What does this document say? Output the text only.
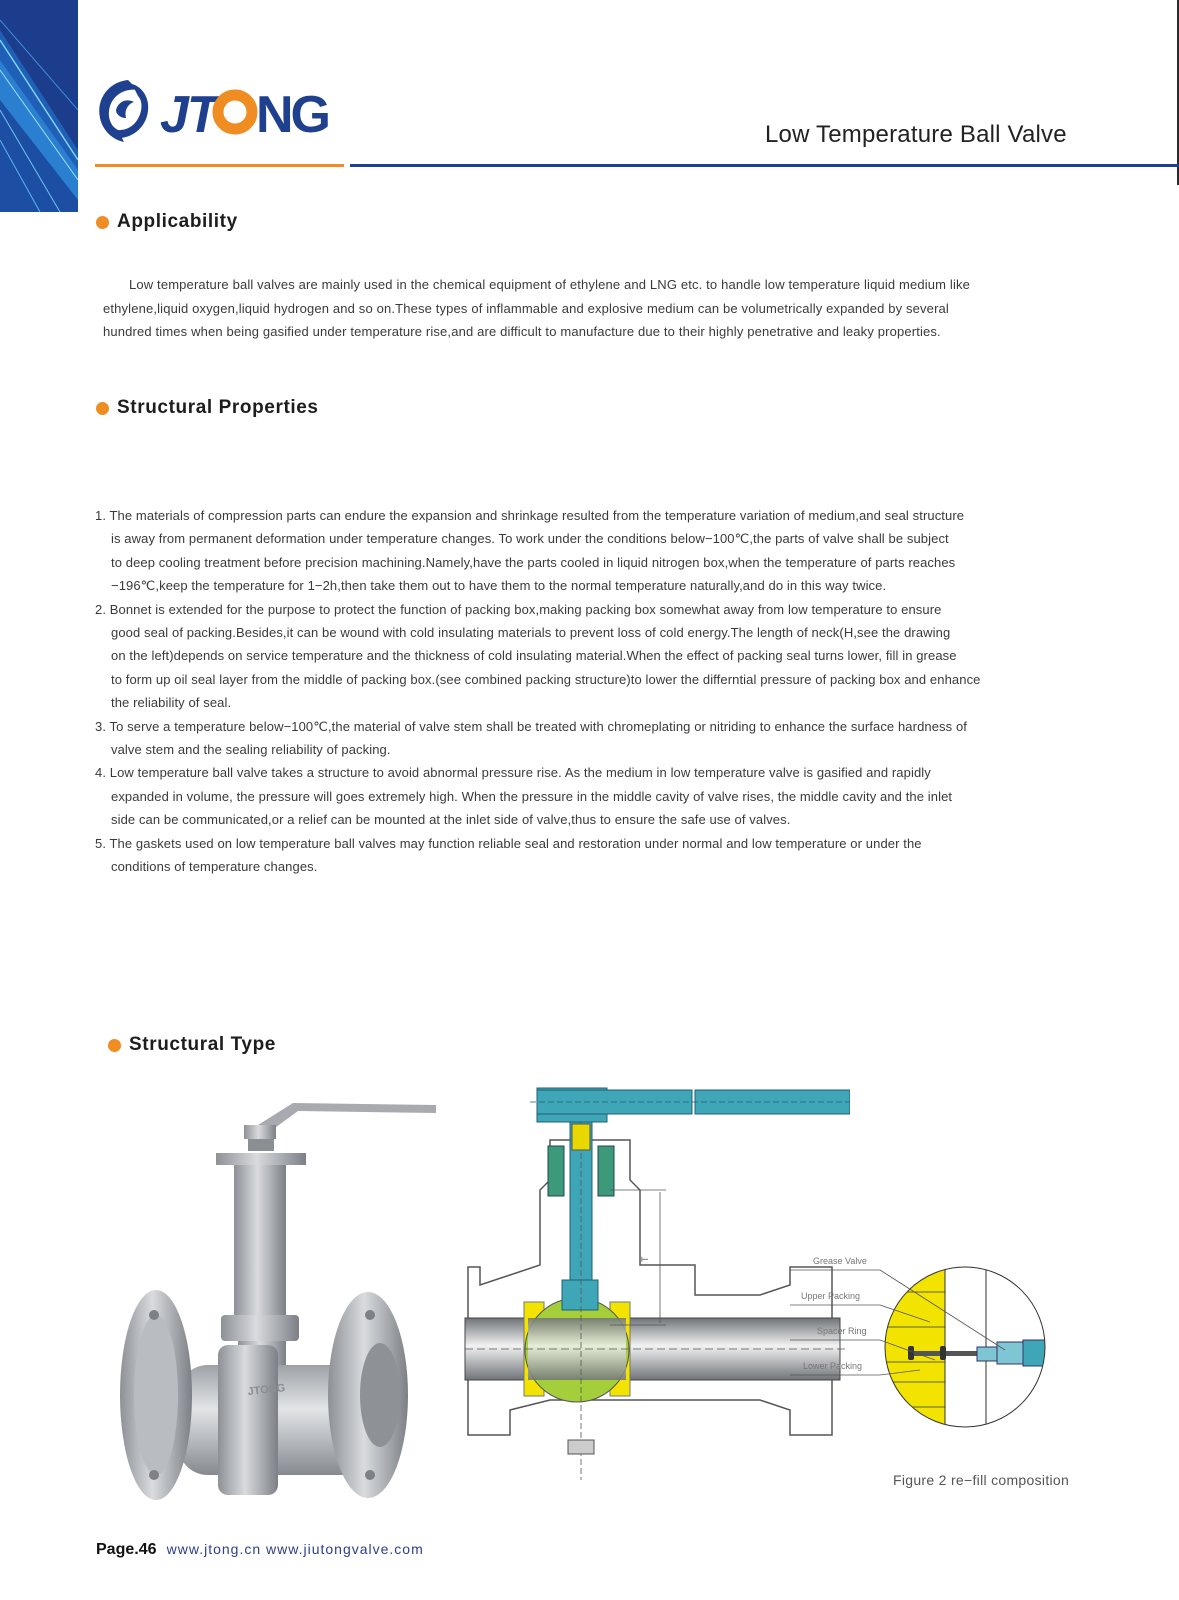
JT NG	Low Temperature Ball Valve
Applicability
Low temperature ball valves are mainly used in the chemical equipment of ethylene and LNG etc. to handle low temperature liquid medium like
ethylene,liquid oxygen,liquid hydrogen and so on.These types of inflammable and explosive medium can be volumetrically expanded by several
hundred times when being gasified under temperature rise,and are difficult to manufacture due to their highly penetrative and leaky properties.
Structural Properties
1. The materials of compression parts can endure the expansion and shrinkage resulted from the temperature variation of medium,and seal structure
is away from permanent deformation under temperature changes. To work under the conditions below−100℃,the parts of valve shall be subject
to deep cooling treatment before precision machining.Namely,have the parts cooled in liquid nitrogen box,when the temperature of parts reaches
−196℃,keep the temperature for 1−2h,then take them out to have them to the normal temperature naturally,and do in this way twice.
2. Bonnet is extended for the purpose to protect the function of packing box,making packing box somewhat away from low temperature to ensure
good seal of packing.Besides,it can be wound with cold insulating materials to prevent loss of cold energy.The length of neck(H,see the drawing
on the left)depends on service temperature and the thickness of cold insulating material.When the effect of packing seal turns lower, fill in grease
to form up oil seal layer from the middle of packing box.(see combined packing structure)to lower the differntial pressure of packing box and enhance
the reliability of seal.
3. To serve a temperature below−100℃,the material of valve stem shall be treated with chromeplating or nitriding to enhance the surface hardness of
valve stem and the sealing reliability of packing.
4. Low temperature ball valve takes a structure to avoid abnormal pressure rise. As the medium in low temperature valve is gasified and rapidly
expanded in volume, the pressure will goes extremely high. When the pressure in the middle cavity of valve rises, the middle cavity and the inlet
side can be communicated,or a relief can be mounted at the inlet side of valve,thus to ensure the safe use of valves.
5. The gaskets used on low temperature ball valves may function reliable seal and restoration under normal and low temperature or under the
conditions of temperature changes.
Structural Type
JTONG
T	Grease Valve
Upper Packing
Spacer Ring
Lower Packing
Figure 2 re−fill composition
Page.46 www.jtong.cn www.jiutongvalve.com
